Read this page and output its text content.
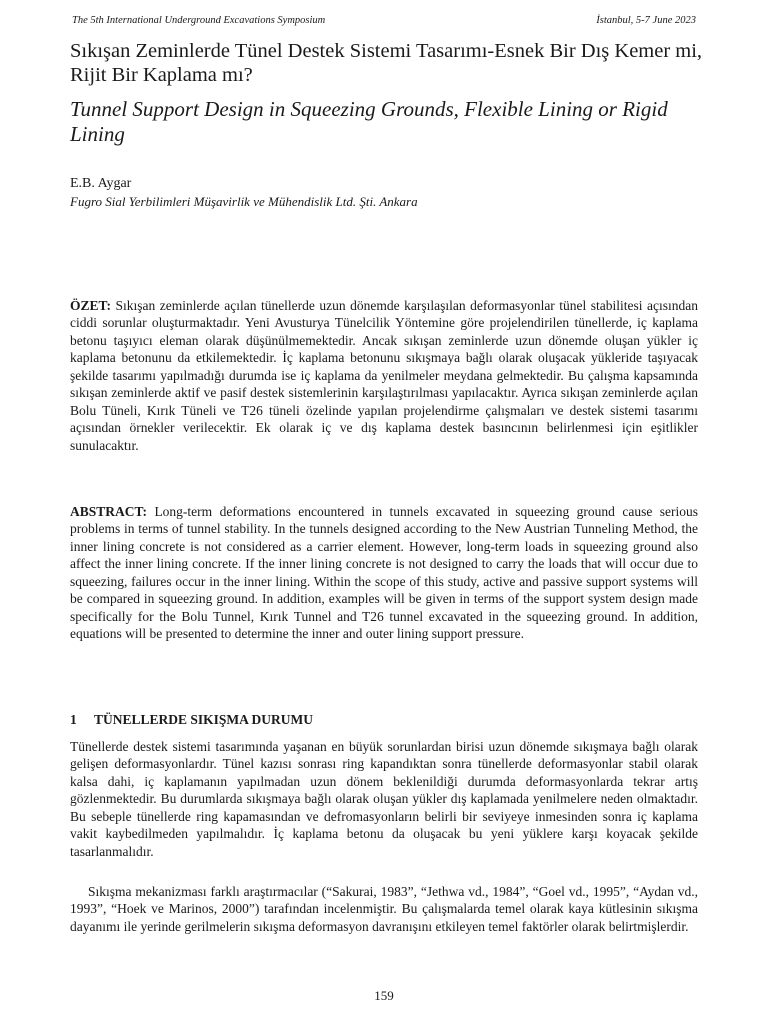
The 5th International Underground Excavations Symposium	İstanbul, 5-7 June 2023
Sıkışan Zeminlerde Tünel Destek Sistemi Tasarımı-Esnek Bir Dış Kemer mi, Rijit Bir Kaplama mı?
Tunnel Support Design in Squeezing Grounds, Flexible Lining or Rigid Lining
E.B. Aygar
Fugro Sial Yerbilimleri Müşavirlik ve Mühendislik Ltd. Şti. Ankara
ÖZET: Sıkışan zeminlerde açılan tünellerde uzun dönemde karşılaşılan deformasyonlar tünel stabilitesi açısından ciddi sorunlar oluşturmaktadır. Yeni Avusturya Tünelcilik Yöntemine göre projelendirilen tünellerde, iç kaplama betonu taşıyıcı eleman olarak düşünülmemektedir. Ancak sıkışan zeminlerde uzun dönemde oluşan yükler iç kaplama betonunu da etkilemektedir. İç kaplama betonunu sıkışmaya bağlı olarak oluşacak yükleride taşıyacak şekilde tasarımı yapılmadığı durumda ise iç kaplama da yenilmeler meydana gelmektedir. Bu çalışma kapsamında sıkışan zeminlerde aktif ve pasif destek sistemlerinin karşılaştırılması yapılacaktır. Ayrıca sıkışan zeminlerde açılan Bolu Tüneli, Kırık Tüneli ve T26 tüneli özelinde yapılan projelendirme çalışmaları ve destek sistemi tasarımı açısından örnekler verilecektir. Ek olarak iç ve dış kaplama destek basıncının belirlenmesi için eşitlikler sunulacaktır.
ABSTRACT: Long-term deformations encountered in tunnels excavated in squeezing ground cause serious problems in terms of tunnel stability. In the tunnels designed according to the New Austrian Tunneling Method, the inner lining concrete is not considered as a carrier element. However, long-term loads in squeezing ground also affect the inner lining concrete. If the inner lining concrete is not designed to carry the loads that will occur due to squeezing, failures occur in the inner lining. Within the scope of this study, active and passive support systems will be compared in squeezing ground. In addition, examples will be given in terms of the support system design made specifically for the Bolu Tunnel, Kırık Tunnel and T26 tunnel excavated in the squeezing ground. In addition, equations will be presented to determine the inner and outer lining support pressure.
1 TÜNELLERDE SIKIŞMA DURUMU
Tünellerde destek sistemi tasarımında yaşanan en büyük sorunlardan birisi uzun dönemde sıkışmaya bağlı olarak gelişen deformasyonlardır. Tünel kazısı sonrası ring kapandıktan sonra tünellerde deformasyonlar stabil olarak kalsa dahi, iç kaplamanın yapılmadan uzun dönem beklenildiği durumda deformasyonlarda tekrar artış gözlenmektedir. Bu durumlarda sıkışmaya bağlı olarak oluşan yükler dış kaplamada yenilmelere neden olmaktadır. Bu sebeple tünellerde ring kapamasından ve defromasyonların belirli bir seviyeye inmesinden sonra iç kaplama vakit kaybedilmeden yapılmalıdır. İç kaplama betonu da oluşacak bu yeni yüklere karşı koyacak şekilde tasarlanmalıdır.
Sıkışma mekanizması farklı araştırmacılar (“Sakurai, 1983”, “Jethwa vd., 1984”, “Goel vd., 1995”, “Aydan vd., 1993”, “Hoek ve Marinos, 2000”) tarafından incelenmiştir. Bu çalışmalarda temel olarak kaya kütlesinin sıkışma dayanımı ile yerinde gerilmelerin sıkışma deformasyon davranışını etkileyen temel faktörler olarak belirtmişlerdir.
159
